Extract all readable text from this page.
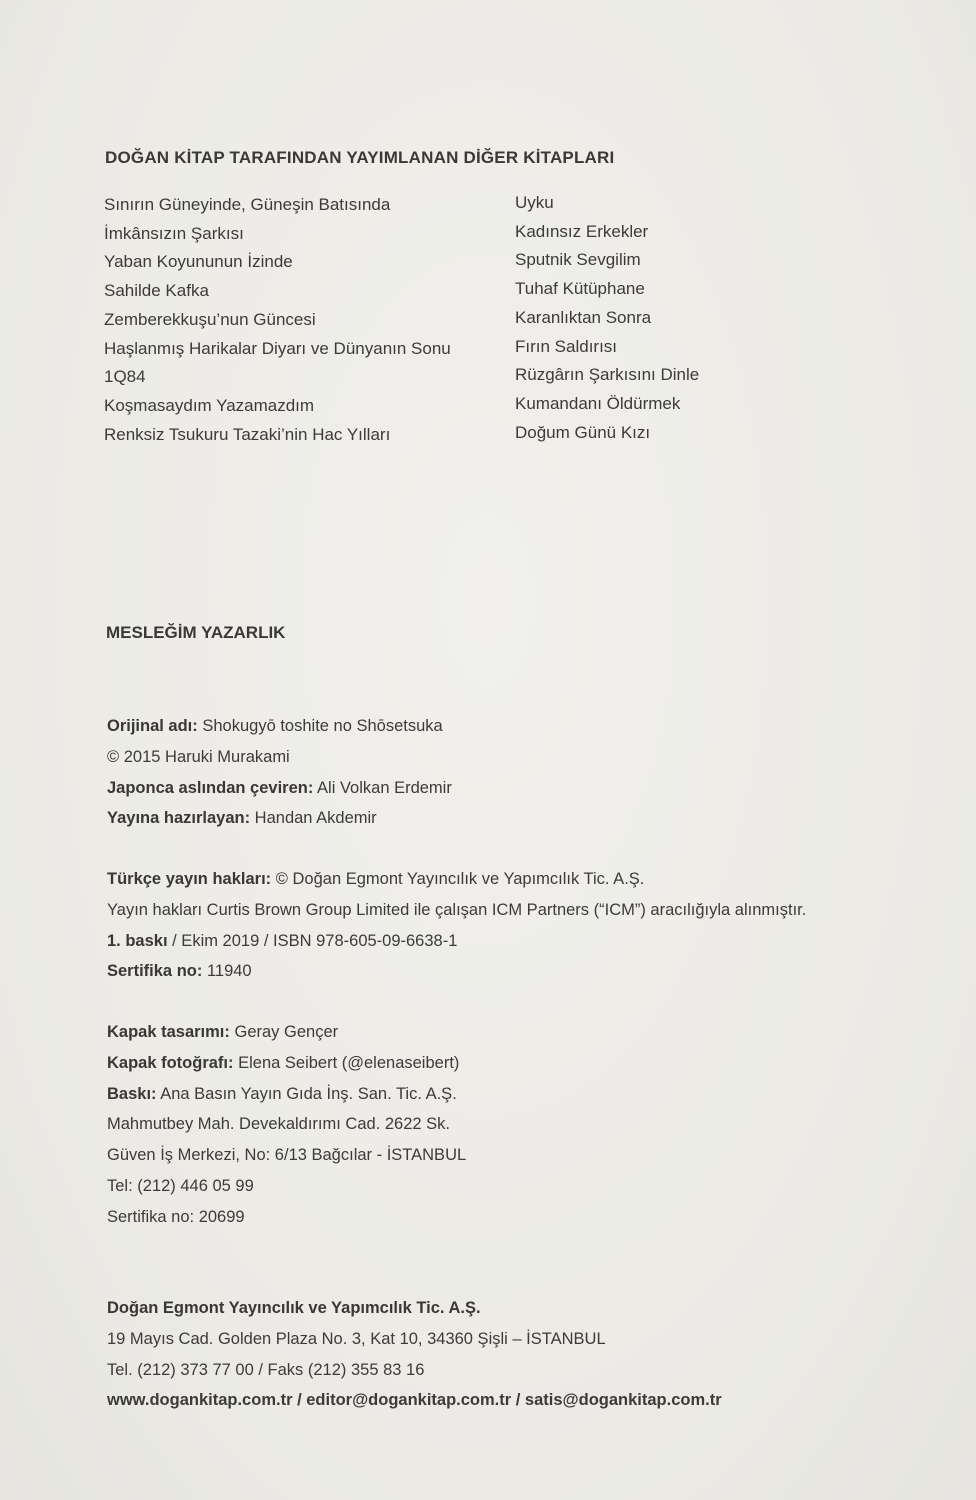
DOĞAN KİTAP TARAFINDAN YAYIMLANAN DİĞER KİTAPLARI
Sınırın Güneyinde, Güneşin Batısında
İmkânsızın Şarkısı
Yaban Koyununun İzinde
Sahilde Kafka
Zemberekkuşu’nun Güncesi
Haşlanmış Harikalar Diyarı ve Dünyanın Sonu
1Q84
Koşmasaydım Yazamazdım
Renksiz Tsukuru Tazaki’nin Hac Yılları
Uyku
Kadınsız Erkekler
Sputnik Sevgilim
Tuhaf Kütüphane
Karanlıktan Sonra
Fırın Saldırısı
Rüzgârın Şarkısını Dinle
Kumandanı Öldürmek
Doğum Günü Kızı
MESLEĞİM YAZARLIK
Orijinal adı: Shokugyō toshite no Shōsetsuka
© 2015 Haruki Murakami
Japonca aslından çeviren: Ali Volkan Erdemir
Yayına hazırlayan: Handan Akdemir
Türkçe yayın hakları: © Doğan Egmont Yayıncılık ve Yapımcılık Tic. A.Ş.
Yayın hakları Curtis Brown Group Limited ile çalışan ICM Partners (“ICM”) aracılığıyla alınmıştır.
1. baskı / Ekim 2019 / ISBN 978-605-09-6638-1
Sertifika no: 11940
Kapak tasarımı: Geray Gençer
Kapak fotoğrafı: Elena Seibert (@elenaseibert)
Baskı: Ana Basın Yayın Gıda İnş. San. Tic. A.Ş.
Mahmutbey Mah. Devekaldırımı Cad. 2622 Sk.
Güven İş Merkezi, No: 6/13 Bağcılar - İSTANBUL
Tel: (212) 446 05 99
Sertifika no: 20699
Doğan Egmont Yayıncılık ve Yapımcılık Tic. A.Ş.
19 Mayıs Cad. Golden Plaza No. 3, Kat 10, 34360 Şişli – İSTANBUL
Tel. (212) 373 77 00 / Faks (212) 355 83 16
www.dogankitap.com.tr / editor@dogankitap.com.tr / satis@dogankitap.com.tr
